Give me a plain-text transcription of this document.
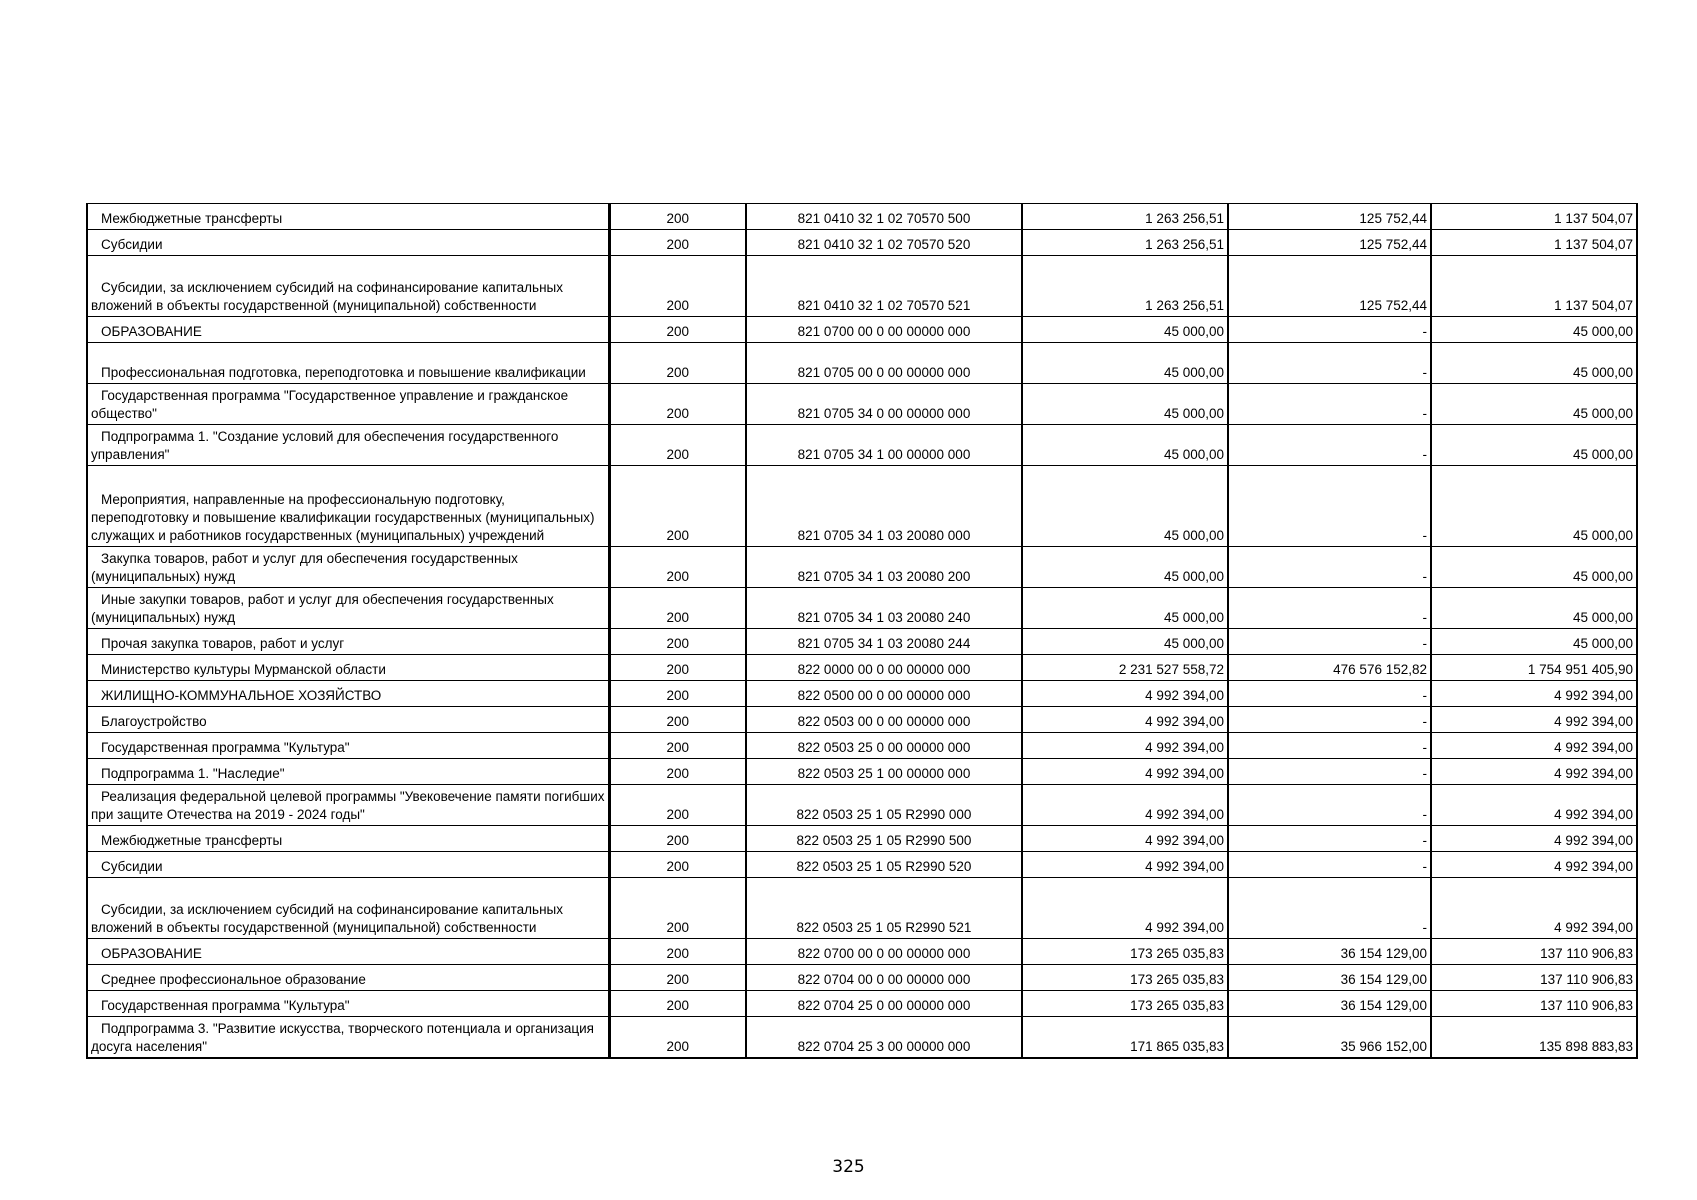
Межбюджетные трансферты	200	821 0410 32 1 02 70570 500	1 263 256,51	125 752,44	1 137 504,07

Субсидии	200	821 0410 32 1 02 70570 520	1 263 256,51	125 752,44	1 137 504,07

Субсидии, за исключением субсидий на софинансирование капитальных вложений в объекты государственной (муниципальной) собственности	200	821 0410 32 1 02 70570 521	1 263 256,51	125 752,44	1 137 504,07

ОБРАЗОВАНИЕ	200	821 0700 00 0 00 00000 000	45 000,00	-	45 000,00

Профессиональная подготовка, переподготовка и повышение квалификации	200	821 0705 00 0 00 00000 000	45 000,00	-	45 000,00

Государственная программа "Государственное управление и гражданское общество"	200	821 0705 34 0 00 00000 000	45 000,00	-	45 000,00

Подпрограмма 1. "Создание условий для обеспечения государственного управления"	200	821 0705 34 1 00 00000 000	45 000,00	-	45 000,00

Мероприятия, направленные на профессиональную подготовку, переподготовку и повышение квалификации государственных (муниципальных) служащих и работников государственных (муниципальных) учреждений	200	821 0705 34 1 03 20080 000	45 000,00	-	45 000,00

Закупка товаров, работ и услуг для обеспечения государственных (муниципальных) нужд	200	821 0705 34 1 03 20080 200	45 000,00	-	45 000,00

Иные закупки товаров, работ и услуг для обеспечения государственных (муниципальных) нужд	200	821 0705 34 1 03 20080 240	45 000,00	-	45 000,00

Прочая закупка товаров, работ и услуг	200	821 0705 34 1 03 20080 244	45 000,00	-	45 000,00

Министерство культуры Мурманской области	200	822 0000 00 0 00 00000 000	2 231 527 558,72	476 576 152,82	1 754 951 405,90

ЖИЛИЩНО-КОММУНАЛЬНОЕ ХОЗЯЙСТВО	200	822 0500 00 0 00 00000 000	4 992 394,00	-	4 992 394,00

Благоустройство	200	822 0503 00 0 00 00000 000	4 992 394,00	-	4 992 394,00

Государственная программа "Культура"	200	822 0503 25 0 00 00000 000	4 992 394,00	-	4 992 394,00

Подпрограмма 1. "Наследие"	200	822 0503 25 1 00 00000 000	4 992 394,00	-	4 992 394,00

Реализация федеральной целевой программы "Увековечение памяти погибших при защите Отечества на 2019 - 2024 годы"	200	822 0503 25 1 05 R2990 000	4 992 394,00	-	4 992 394,00

Межбюджетные трансферты	200	822 0503 25 1 05 R2990 500	4 992 394,00	-	4 992 394,00

Субсидии	200	822 0503 25 1 05 R2990 520	4 992 394,00	-	4 992 394,00

Субсидии, за исключением субсидий на софинансирование капитальных вложений в объекты государственной (муниципальной) собственности	200	822 0503 25 1 05 R2990 521	4 992 394,00	-	4 992 394,00

ОБРАЗОВАНИЕ	200	822 0700 00 0 00 00000 000	173 265 035,83	36 154 129,00	137 110 906,83

Среднее профессиональное образование	200	822 0704 00 0 00 00000 000	173 265 035,83	36 154 129,00	137 110 906,83

Государственная программа "Культура"	200	822 0704 25 0 00 00000 000	173 265 035,83	36 154 129,00	137 110 906,83

Подпрограмма 3. "Развитие искусства, творческого потенциала и организация досуга населения"	200	822 0704 25 3 00 00000 000	171 865 035,83	35 966 152,00	135 898 883,83
325
